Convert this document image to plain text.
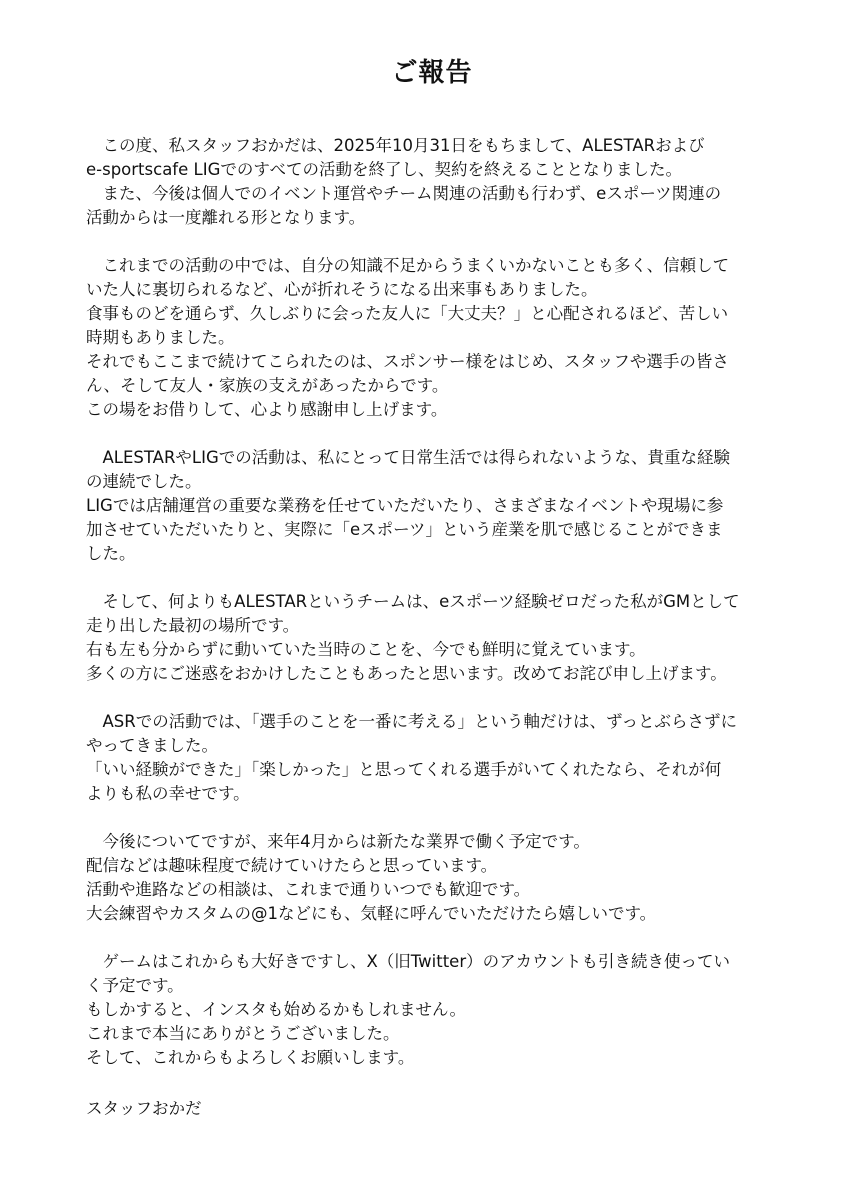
ご報告

　この度、私スタッフおかだは、2025年10月31日をもちまして、ALESTARおよび

e-sportscafe LIGでのすべての活動を終了し、契約を終えることとなりました。

　また、今後は個人でのイベント運営やチーム関連の活動も行わず、eスポーツ関連の

活動からは一度離れる形となります。

　これまでの活動の中では、自分の知識不足からうまくいかないことも多く、信頼して

いた人に裏切られるなど、心が折れそうになる出来事もありました。

食事ものどを通らず、久しぶりに会った友人に「大丈夫？」と心配されるほど、苦しい

時期もありました。

それでもここまで続けてこられたのは、スポンサー様をはじめ、スタッフや選手の皆さ

ん、そして友人・家族の支えがあったからです。

この場をお借りして、心より感謝申し上げます。

　ALESTARやLIGでの活動は、私にとって日常生活では得られないような、貴重な経験

の連続でした。

LIGでは店舗運営の重要な業務を任せていただいたり、さまざまなイベントや現場に参

加させていただいたりと、実際に「eスポーツ」という産業を肌で感じることができま

した。

　そして、何よりもALESTARというチームは、eスポーツ経験ゼロだった私がGMとして

走り出した最初の場所です。

右も左も分からずに動いていた当時のことを、今でも鮮明に覚えています。

多くの方にご迷惑をおかけしたこともあったと思います。改めてお詫び申し上げます。

　ASRでの活動では、「選手のことを一番に考える」という軸だけは、ずっとぶらさずに

やってきました。

「いい経験ができた」「楽しかった」と思ってくれる選手がいてくれたなら、それが何

よりも私の幸せです。

　今後についてですが、来年4月からは新たな業界で働く予定です。

配信などは趣味程度で続けていけたらと思っています。

活動や進路などの相談は、これまで通りいつでも歓迎です。

大会練習やカスタムの@1などにも、気軽に呼んでいただけたら嬉しいです。

　ゲームはこれからも大好きですし、X（旧Twitter）のアカウントも引き続き使ってい

く予定です。

もしかすると、インスタも始めるかもしれません。

これまで本当にありがとうございました。

そして、これからもよろしくお願いします。

スタッフおかだ
